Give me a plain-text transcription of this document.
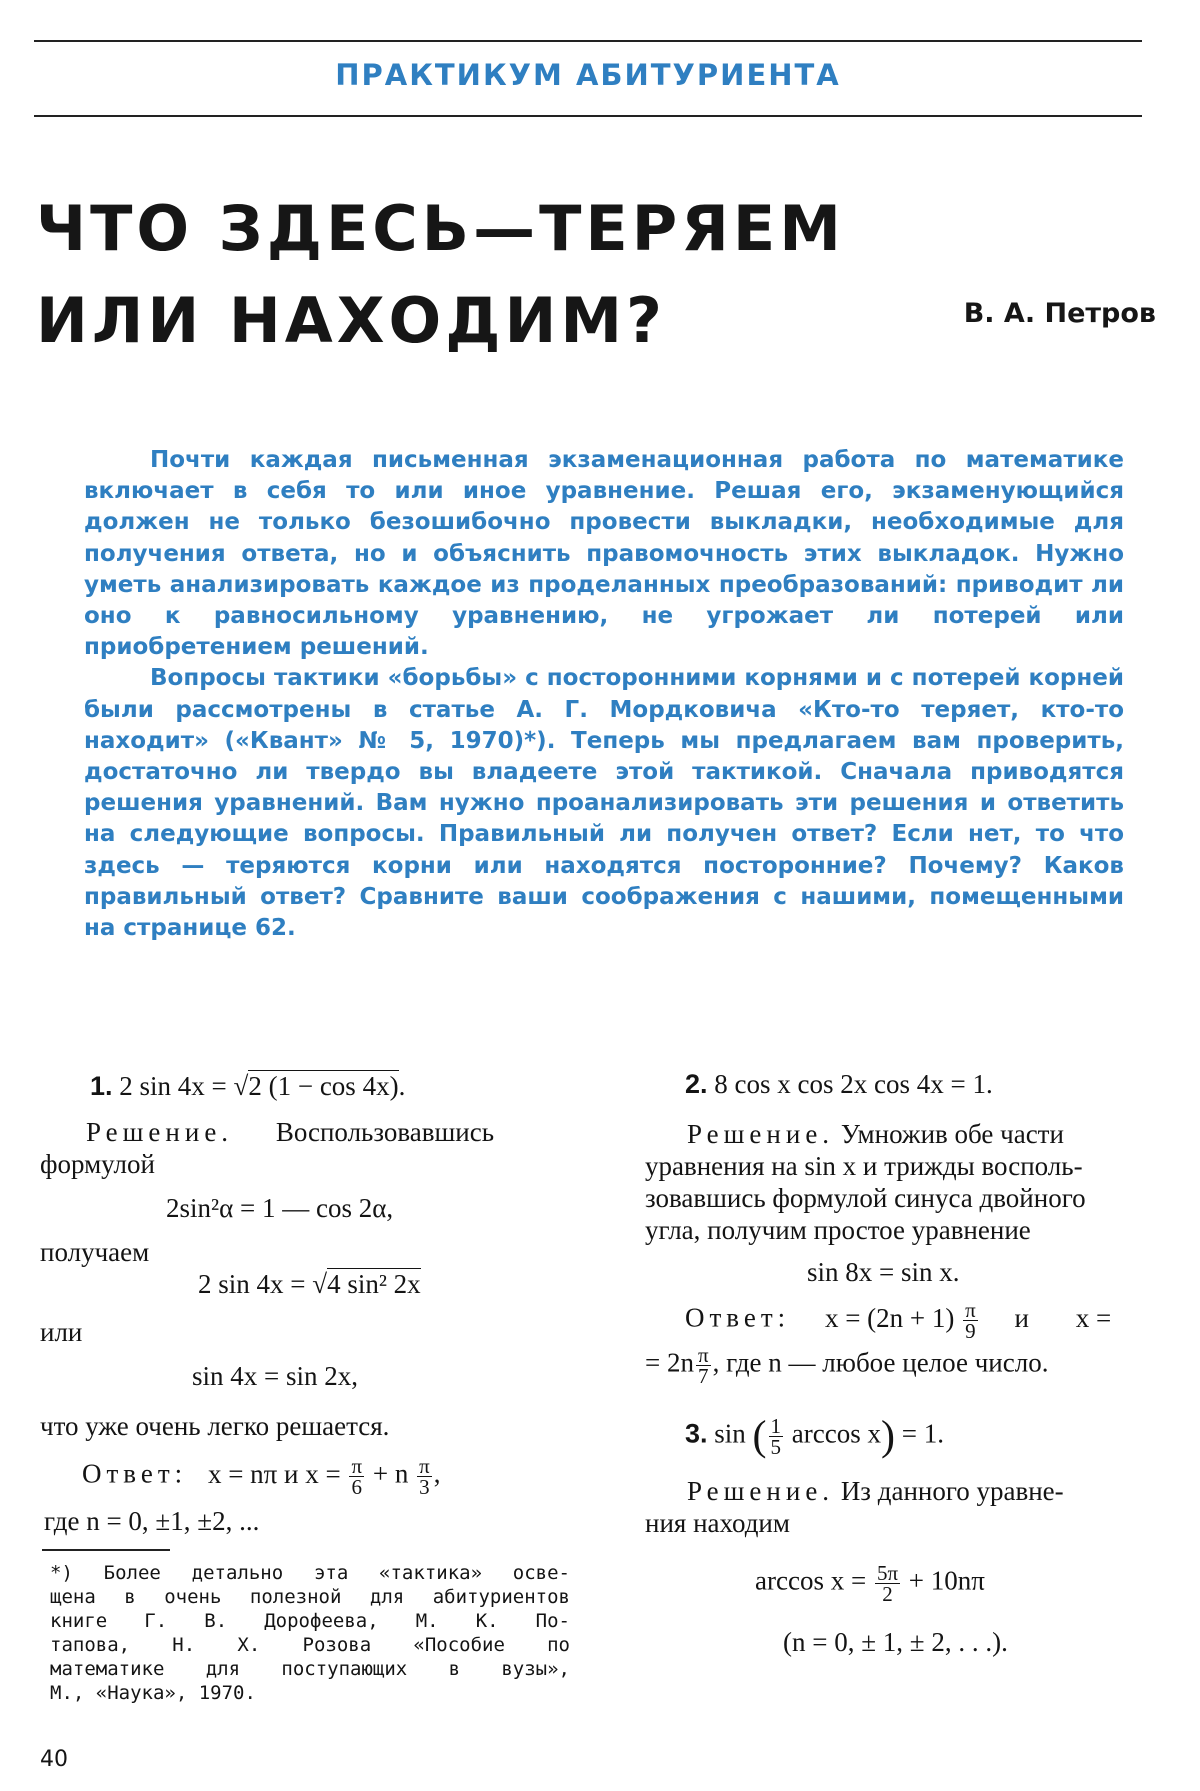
ПРАКТИКУМ АБИТУРИЕНТА
ЧТО ЗДЕСЬ—ТЕРЯЕМ
ИЛИ НАХОДИМ?	В. А. Петров

Почти каждая письменная экзаменационная работа по математике включает в себя то или иное уравнение. Решая его, экзаменующийся должен не только безошибочно провести выкладки, необходимые для получения ответа, но и объяснить правомочность этих выкладок. Нужно уметь анализировать каждое из проделанных преобразований: приводит ли оно к равносильному уравнению, не угрожает ли потерей или приобретением решений.

Вопросы тактики «борьбы» с посторонними корнями и с потерей корней были рассмотрены в статье А. Г. Мордковича «Кто-то теряет, кто-то находит» («Квант» № 5, 1970)*). Теперь мы предлагаем вам проверить, достаточно ли твердо вы владеете этой тактикой. Сначала приводятся решения уравнений. Вам нужно проанализировать эти решения и ответить на следующие вопросы. Правильный ли получен ответ? Если нет, то что здесь — теряются корни или находятся посторонние? Почему? Каков правильный ответ? Сравните ваши соображения с нашими, помещенными на странице 62.

1. 2 sin 4x = √2 (1 − cos 4x).
Решение. Воспользовавшись
формулой
2sin²α = 1 — cos 2α,
получаем
2 sin 4x = √4 sin² 2x
или
sin 4x = sin 2x,
что уже очень легко решается.
Ответ: x = nπ и $x = \frac{\pi}{6} + n \frac{\pi}{3}$ ,
где n = 0, ±1, ±2, ...
*) Более детально эта «тактика» осве-
щена в очень полезной для абитуриентов
книге Г. В. Дорофеева, М. К. По-
тапова, Н. Х. Розова «Пособие по
математике для поступающих в вузы»,
М., «Наука», 1970.
2. 8 cos x cos 2x cos 4x = 1.
Решение. Умножив обе части
уравнения на sin x и трижды восполь-
зовавшись формулой синуса двойного
угла, получим простое уравнение
sin 8x = sin x.
Ответ: $x = (2n + 1) \frac{\pi}{9}$ и x =
= $2n \frac{\pi}{7}$ , где n — любое целое число.
3. sin ( $\frac{1}{5}$ arccos x) = 1.
Решение. Из данного уравне-
ния находим
$\arccos x = \frac{5\pi}{2} + 10n\pi$
(n = 0, ± 1, ± 2, . . .).
40
